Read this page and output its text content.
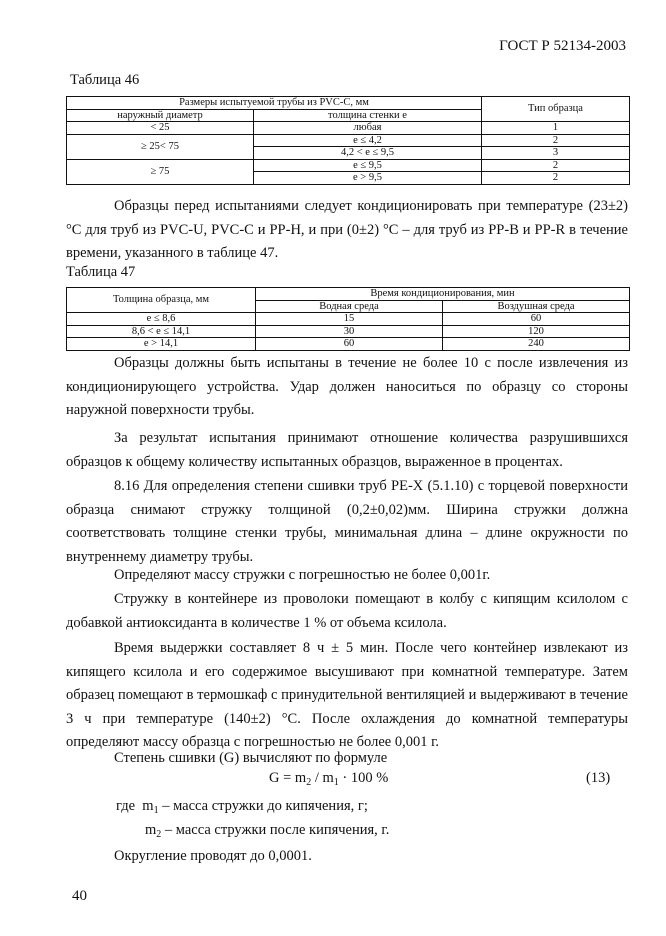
ГОСТ Р 52134-2003
Таблица 46
Размеры испытуемой трубы из PVC-C, мм		Тип образца
наружный диаметр	толщина стенки е	
< 25	любая	1
≥ 25< 75	e ≤ 4,2	2
	4,2 < e ≤ 9,5	3
≥ 75	e ≤ 9,5	2
	e > 9,5	2

Образцы перед испытаниями следует кондиционировать при температуре (23±2) °С для труб из PVC-U, PVC-C и PP-H, и при (0±2) °С – для труб из PP-B и PP-R в течение времени, указанного в таблице 47.

Таблица 47
Толщина образца, мм	Время кондиционирования, мин	
	Водная среда	Воздушная среда
e ≤ 8,6	15	60
8,6 < e ≤ 14,1	30	120
e > 14,1	60	240

Образцы должны быть испытаны в течение не более 10 с после извлечения из кондиционирующего устройства. Удар должен наноситься по образцу со стороны наружной поверхности трубы.

За результат испытания принимают отношение количества разрушившихся образцов к общему количеству испытанных образцов, выраженное в процентах.

8.16 Для определения степени сшивки труб РЕ-Х (5.1.10) с торцевой поверхности образца снимают стружку толщиной (0,2±0,02)мм. Ширина стружки должна соответствовать толщине стенки трубы, минимальная длина – длине окружности по внутреннему диаметру трубы.

Определяют массу стружки с погрешностью не более 0,001г.

Стружку в контейнере из проволоки помещают в колбу с кипящим ксилолом с добавкой антиоксиданта в количестве 1 % от объема ксилола.

Время выдержки составляет 8 ч ± 5 мин. После чего контейнер извлекают из кипящего ксилола и его содержимое высушивают при комнатной температуре. Затем образец помещают в термошкаф с принудительной вентиляцией и выдерживают в течение 3 ч при температуре (140±2) °С. После охлаждения до комнатной температуры определяют массу образца с погрешностью не более 0,001 г.

Степень сшивки (G) вычисляют по формуле

$G = m_2 / m_1 \cdot 100$ %	(13)
где $m_1$ – масса стружки до кипячения, г;
$m_2$ – масса стружки после кипячения, г.

Округление проводят до 0,0001.

40
